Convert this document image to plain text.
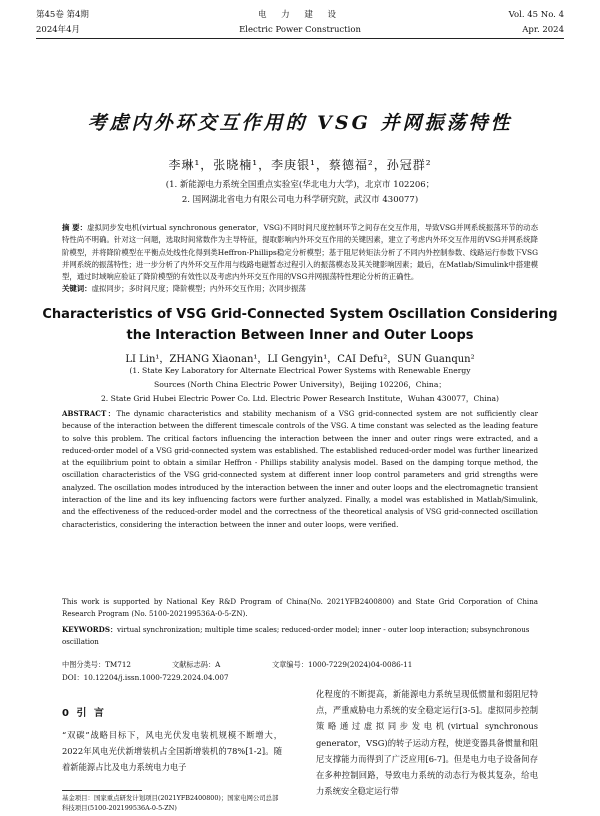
第45卷 第4期
2024年4月
电 力 建 设
Electric Power Construction
Vol. 45 No. 4
Apr. 2024
考虑内外环交互作用的 VSG 并网振荡特性
李琳¹，张晓楠¹，李庚银¹，蔡德福²，孙冠群²
(1. 新能源电力系统全国重点实验室(华北电力大学)，北京市 102206；
2. 国网湖北省电力有限公司电力科学研究院，武汉市 430077)
摘 要：虚拟同步发电机(virtual synchronous generator，VSG)不同时间尺度控制环节之间存在交互作用，导致VSG并网系统振荡环节的动态特性尚不明确。针对这一问题，选取时间常数作为主导特征，提取影响内外环交互作用的关键因素，建立了考虑内外环交互作用的VSG并网系统降阶模型，并将降阶模型在平衡点处线性化得到类Heffron-Phillips稳定分析模型；基于阻尼转矩法分析了不同内外控制参数、线路运行参数下VSG并网系统的振荡特性；进一步分析了内外环交互作用与线路电磁暂态过程引入的振荡模态及其关键影响因素；最后，在Matlab/Simulink中搭建模型，通过时域响应验证了降阶模型的有效性以及考虑内外环交互作用的VSG并网振荡特性理论分析的正确性。
关键词：虚拟同步；多时间尺度；降阶模型；内外环交互作用；次同步振荡
Characteristics of VSG Grid-Connected System Oscillation Considering
the Interaction Between Inner and Outer Loops
LI Lin¹，ZHANG Xiaonan¹，LI Gengyin¹，CAI Defu²，SUN Guanqun²
(1. State Key Laboratory for Alternate Electrical Power Systems with Renewable Energy
Sources (North China Electric Power University)，Beijing 102206，China；
2. State Grid Hubei Electric Power Co. Ltd. Electric Power Research Institute，Wuhan 430077，China)
ABSTRACT：The dynamic characteristics and stability mechanism of a VSG grid-connected system are not sufficiently clear because of the interaction between the different timescale controls of the VSG. A time constant was selected as the leading feature to solve this problem. The critical factors influencing the interaction between the inner and outer rings were extracted, and a reduced-order model of a VSG grid-connected system was established. The established reduced-order model was further linearized at the equilibrium point to obtain a similar Heffron - Phillips stability analysis model. Based on the damping torque method, the oscillation characteristics of the VSG grid-connected system at different inner loop control parameters and grid strengths were analyzed. The oscillation modes introduced by the interaction between the inner and outer loops and the electromagnetic transient interaction of the line and its key influencing factors were further analyzed. Finally, a model was established in Matlab/Simulink, and the effectiveness of the reduced-order model and the correctness of the theoretical analysis of VSG grid-connected oscillation characteristics, considering the interaction between the inner and outer loops, were verified.
This work is supported by National Key R&D Program of China(No. 2021YFB2400800) and State Grid Corporation of China Research Program (No. 5100-202199536A-0-5-ZN).
KEYWORDS：virtual synchronization; multiple time scales; reduced-order model; inner - outer loop interaction; subsynchronous oscillation
中图分类号：TM712	文献标志码：A	文章编号：1000-7229(2024)04-0086-11
DOI：10.12204/j.issn.1000-7229.2024.04.007
0 引 言
“双碳”战略目标下，风电光伏发电装机规模不断增大，2022年风电光伏新增装机占全国新增装机的78%[1-2]。随着新能源占比及电力系统电力电子
化程度的不断提高，新能源电力系统呈现低惯量和弱阻尼特点，严重威胁电力系统的安全稳定运行[3-5]。虚拟同步控制策略通过虚拟同步发电机(virtual synchronous generator，VSG)的转子运动方程，使逆变器具备惯量和阻尼支撑能力而得到了广泛应用[6-7]。但是电力电子设备间存在多种控制回路，导致电力系统的动态行为极其复杂，给电力系统安全稳定运行带
基金项目：国家重点研发计划项目(2021YFB2400800)；国家电网公司总部科技项目(5100-202199536A-0-5-ZN)
